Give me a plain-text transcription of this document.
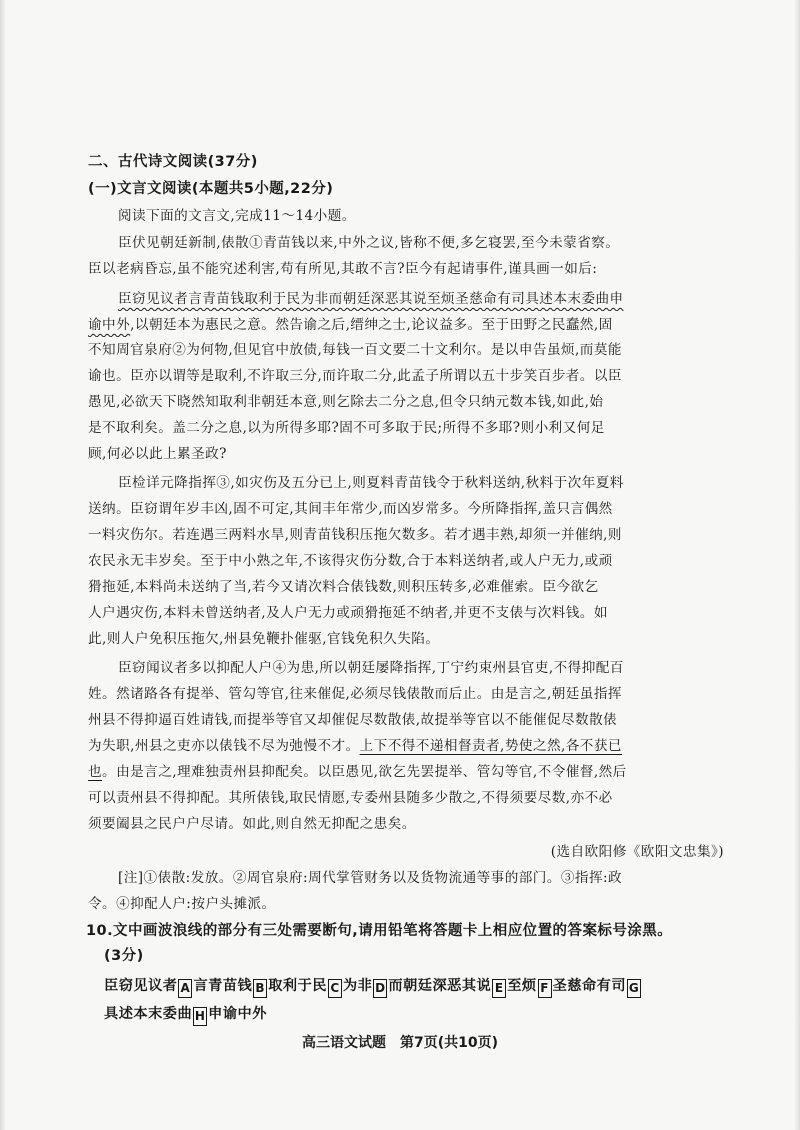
二、古代诗文阅读(37分)
(一)文言文阅读(本题共5小题,22分)
阅读下面的文言文,完成11～14小题。
臣伏见朝廷新制,俵散①青苗钱以来,中外之议,皆称不便,多乞寝罢,至今未蒙省察。
臣以老病昏忘,虽不能究述利害,苟有所见,其敢不言?臣今有起请事件,谨具画一如后:
臣窃见议者言青苗钱取利于民为非而朝廷深恶其说至烦圣慈命有司具述本末委曲申
谕中外,以朝廷本为惠民之意。然告谕之后,缙绅之士,论议益多。至于田野之民蠢然,固
不知周官泉府②为何物,但见官中放债,每钱一百文要二十文利尔。是以申告虽烦,而莫能
谕也。臣亦以谓等是取利,不许取三分,而许取二分,此孟子所谓以五十步笑百步者。以臣
愚见,必欲天下晓然知取利非朝廷本意,则乞除去二分之息,但令只纳元数本钱,如此,始
是不取利矣。盖二分之息,以为所得多耶?固不可多取于民;所得不多耶?则小利又何足
顾,何必以此上累圣政?
臣检详元降指挥③,如灾伤及五分已上,则夏料青苗钱令于秋料送纳,秋料于次年夏料
送纳。臣窃谓年岁丰凶,固不可定,其间丰年常少,而凶岁常多。今所降指挥,盖只言偶然
一料灾伤尔。若连遇三两料水旱,则青苗钱积压拖欠数多。若才遇丰熟,却须一并催纳,则
农民永无丰岁矣。至于中小熟之年,不该得灾伤分数,合于本料送纳者,或人户无力,或顽
猾拖延,本料尚未送纳了当,若今又请次料合俵钱数,则积压转多,必难催索。臣今欲乞
人户遇灾伤,本料未曾送纳者,及人户无力或顽猾拖延不纳者,并更不支俵与次料钱。如
此,则人户免积压拖欠,州县免鞭扑催驱,官钱免积久失陷。
臣窃闻议者多以抑配人户④为患,所以朝廷屡降指挥,丁宁约束州县官吏,不得抑配百
姓。然诸路各有提举、管勾等官,往来催促,必须尽钱俵散而后止。由是言之,朝廷虽指挥
州县不得抑逼百姓请钱,而提举等官又却催促尽数散俵,故提举等官以不能催促尽数散俵
为失职,州县之吏亦以俵钱不尽为弛慢不才。上下不得不递相督责者,势使之然,各不获已
也。由是言之,理难独责州县抑配矣。以臣愚见,欲乞先罢提举、管勾等官,不令催督,然后
可以责州县不得抑配。其所俵钱,取民情愿,专委州县随多少散之,不得须要尽数,亦不必
须要阖县之民户户尽请。如此,则自然无抑配之患矣。
(选自欧阳修《欧阳文忠集》)
[注]①俵散:发放。②周官泉府:周代掌管财务以及货物流通等事的部门。③指挥:政
令。④抑配人户:按户头摊派。
10.文中画波浪线的部分有三处需要断句,请用铅笔将答题卡上相应位置的答案标号涂黑。
(3分)
臣窃见议者 A 言青苗钱 B 取利于民 C 为非 D 而朝廷深恶其说 E 至烦 F 圣慈命有司 G
具述本末委曲 H 申谕中外
高三语文试题 第7页(共10页)
